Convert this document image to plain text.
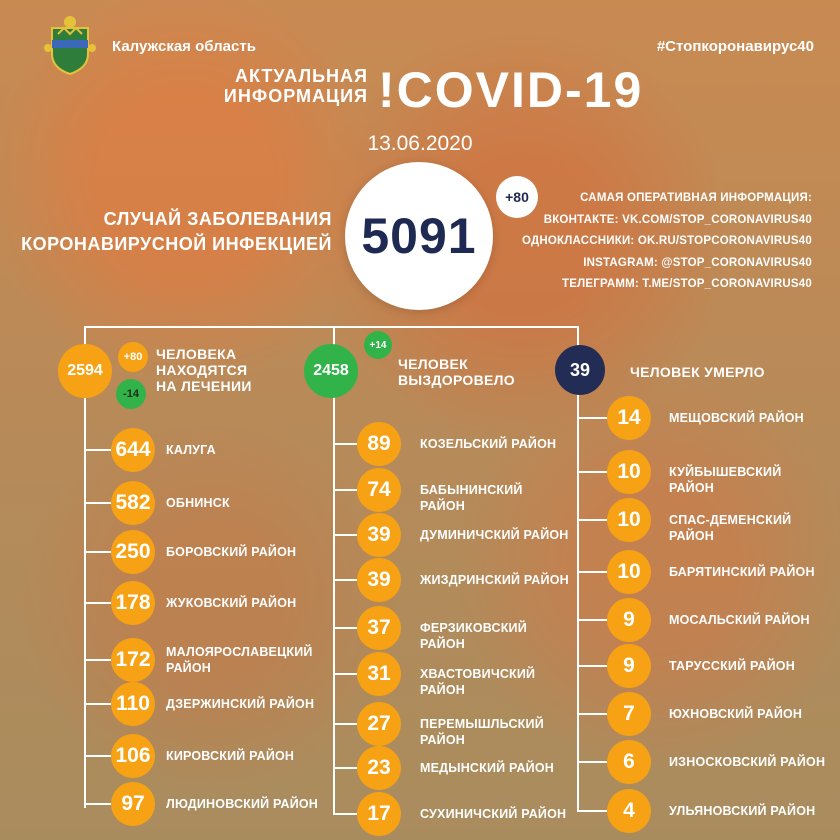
Калужская область	#Стопкоронавирус40
АКТУАЛЬНАЯ
ИНФОРМАЦИЯ !COVID-19
13.06.2020
СЛУЧАЙ ЗАБОЛЕВАНИЯ
КОРОНАВИРУСНОЙ ИНФЕКЦИЕЙ 5091
+80	САМАЯ ОПЕРАТИВНАЯ ИНФОРМАЦИЯ:
ВКОНТАКТЕ: VK.COM/STOP_CORONAVIRUS40
ОДНОКЛАССНИКИ: OK.RU/STOPCORONAVIRUS40
INSTAGRAM: @STOP_CORONAVIRUS40
ТЕЛЕГРАММ: T.ME/STOP_CORONAVIRUS40
2594
+80
-14
ЧЕЛОВЕКА
НАХОДЯТСЯ
НА ЛЕЧЕНИИ
2458
+14
ЧЕЛОВЕК
ВЫЗДОРОВЕЛО
39	ЧЕЛОВЕК УМЕРЛО
644	КАЛУГА
582	ОБНИНСК
250	БОРОВСКИЙ РАЙОН
178	ЖУКОВСКИЙ РАЙОН
172	МАЛОЯРОСЛАВЕЦКИЙ РАЙОН
110	ДЗЕРЖИНСКИЙ РАЙОН
106	КИРОВСКИЙ РАЙОН
97	ЛЮДИНОВСКИЙ РАЙОН
89	КОЗЕЛЬСКИЙ РАЙОН
74	БАБЫНИНСКИЙ РАЙОН
39	ДУМИНИЧСКИЙ РАЙОН
39	ЖИЗДРИНСКИЙ РАЙОН
37	ФЕРЗИКОВСКИЙ РАЙОН
31	ХВАСТОВИЧСКИЙ РАЙОН
27	ПЕРЕМЫШЛЬСКИЙ РАЙОН
23	МЕДЫНСКИЙ РАЙОН
17	СУХИНИЧСКИЙ РАЙОН
14	МЕЩОВСКИЙ РАЙОН
10	КУЙБЫШЕВСКИЙ РАЙОН
10	СПАС-ДЕМЕНСКИЙ РАЙОН
10	БАРЯТИНСКИЙ РАЙОН
9	МОСАЛЬСКИЙ РАЙОН
9	ТАРУССКИЙ РАЙОН
7	ЮХНОВСКИЙ РАЙОН
6	ИЗНОСКОВСКИЙ РАЙОН
4	УЛЬЯНОВСКИЙ РАЙОН
